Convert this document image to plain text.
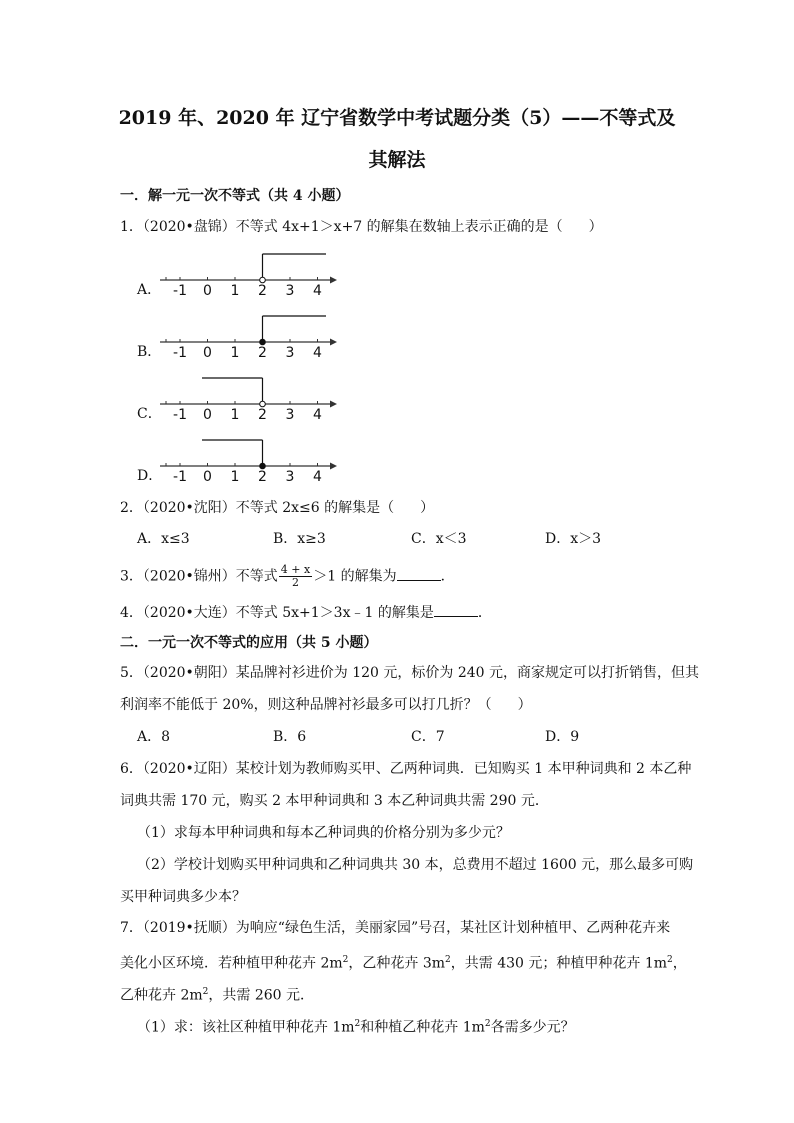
2019 年、2020 年 辽宁省数学中考试题分类（5）——不等式及
其解法
一．解一元一次不等式（共 4 小题）
1．（2020•盘锦）不等式 4x+1＞x+7 的解集在数轴上表示正确的是（ ）
A． -1 0 1 2 3 4
B． -1 0 1 2 3 4
C． -1 0 1 2 3 4
D． -1 0 1 2 3 4
2．（2020•沈阳）不等式 2x≤6 的解集是（ ）
A．x≤3	B．x≥3	C．x＜3	D．x＞3
3．（2020•锦州）不等式 $\frac{4 + x}{2} >1$ 的解集为	．
4．（2020•大连）不等式 5x+1＞3x﹣1 的解集是	．
二．一元一次不等式的应用（共 5 小题）
5．（2020•朝阳）某品牌衬衫进价为 120 元，标价为 240 元，商家规定可以打折销售，但其
利润率不能低于 20%，则这种品牌衬衫最多可以打几折？（ ）
A．8	B．6	C．7	D．9
6．（2020•辽阳）某校计划为教师购买甲、乙两种词典．已知购买 1 本甲种词典和 2 本乙种
词典共需 170 元，购买 2 本甲种词典和 3 本乙种词典共需 290 元．
（1）求每本甲种词典和每本乙种词典的价格分别为多少元？
（2）学校计划购买甲种词典和乙种词典共 30 本，总费用不超过 1600 元，那么最多可购
买甲种词典多少本？
7．（2019•抚顺）为响应“绿色生活，美丽家园”号召，某社区计划种植甲、乙两种花卉来
美化小区环境．若种植甲种花卉 $2m^2$，乙种花卉 $3m^2$，共需 430 元；种植甲种花卉 $1m^2$，
乙种花卉 $2m^2$，共需 260 元．
（1）求：该社区种植甲种花卉 $1m^2$和种植乙种花卉 $1m^2$各需多少元？
